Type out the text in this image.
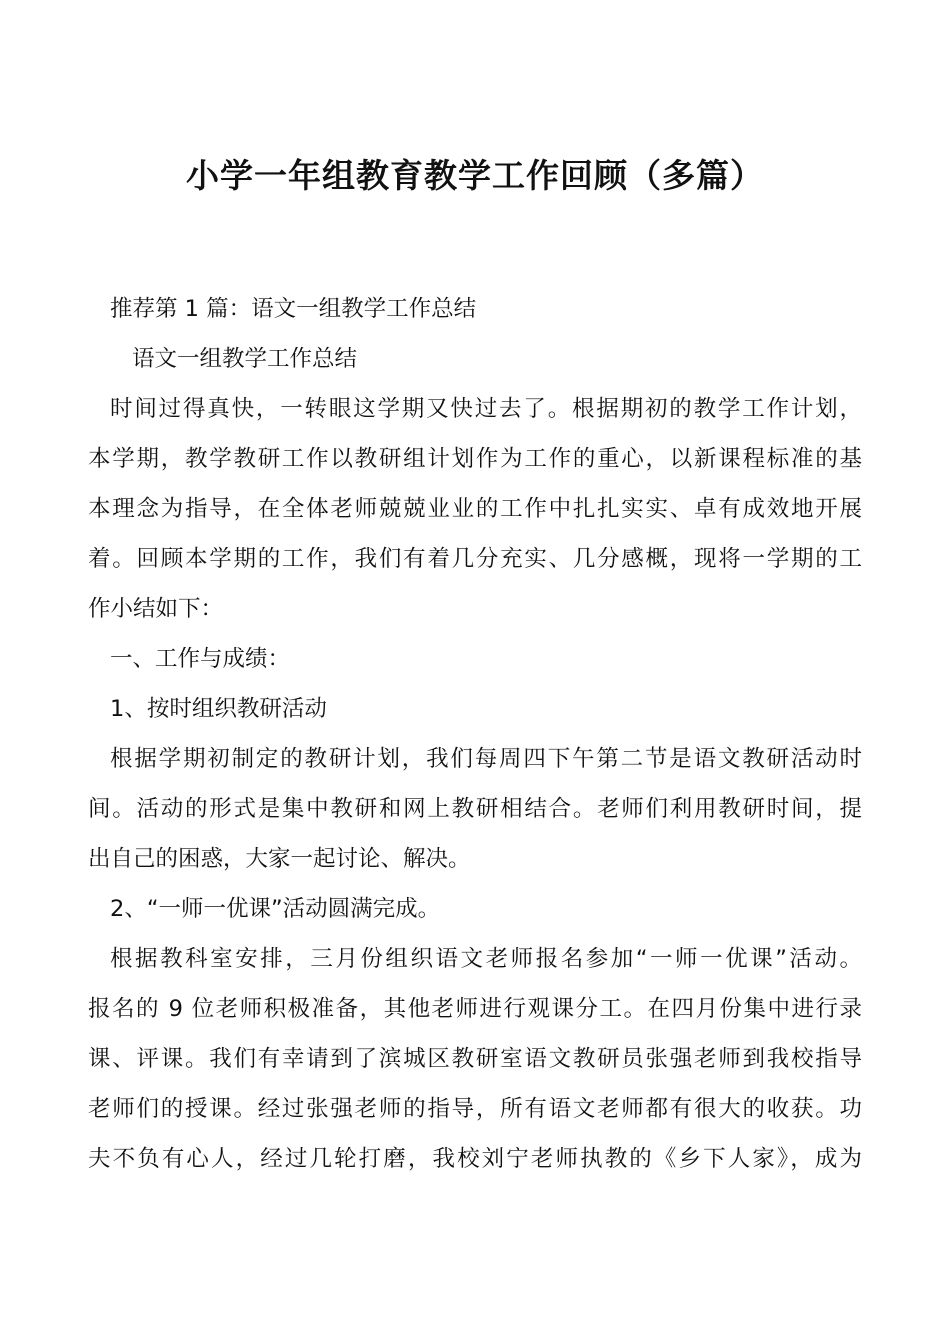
小学一年组教育教学工作回顾（多篇）
推荐第 1 篇：语文一组教学工作总结
语文一组教学工作总结
时间过得真快，一转眼这学期又快过去了。根据期初的教学工作计划，
本学期，教学教研工作以教研组计划作为工作的重心，以新课程标准的基
本理念为指导，在全体老师兢兢业业的工作中扎扎实实、卓有成效地开展
着。回顾本学期的工作，我们有着几分充实、几分感概，现将一学期的工
作小结如下：
一、工作与成绩：
1、按时组织教研活动
根据学期初制定的教研计划，我们每周四下午第二节是语文教研活动时
间。活动的形式是集中教研和网上教研相结合。老师们利用教研时间，提
出自己的困惑，大家一起讨论、解决。
2、“一师一优课”活动圆满完成。
根据教科室安排，三月份组织语文老师报名参加“一师一优课”活动。
报名的 9 位老师积极准备，其他老师进行观课分工。在四月份集中进行录
课、评课。我们有幸请到了滨城区教研室语文教研员张强老师到我校指导
老师们的授课。经过张强老师的指导，所有语文老师都有很大的收获。功
夫不负有心人，经过几轮打磨，我校刘宁老师执教的《乡下人家》，成为
